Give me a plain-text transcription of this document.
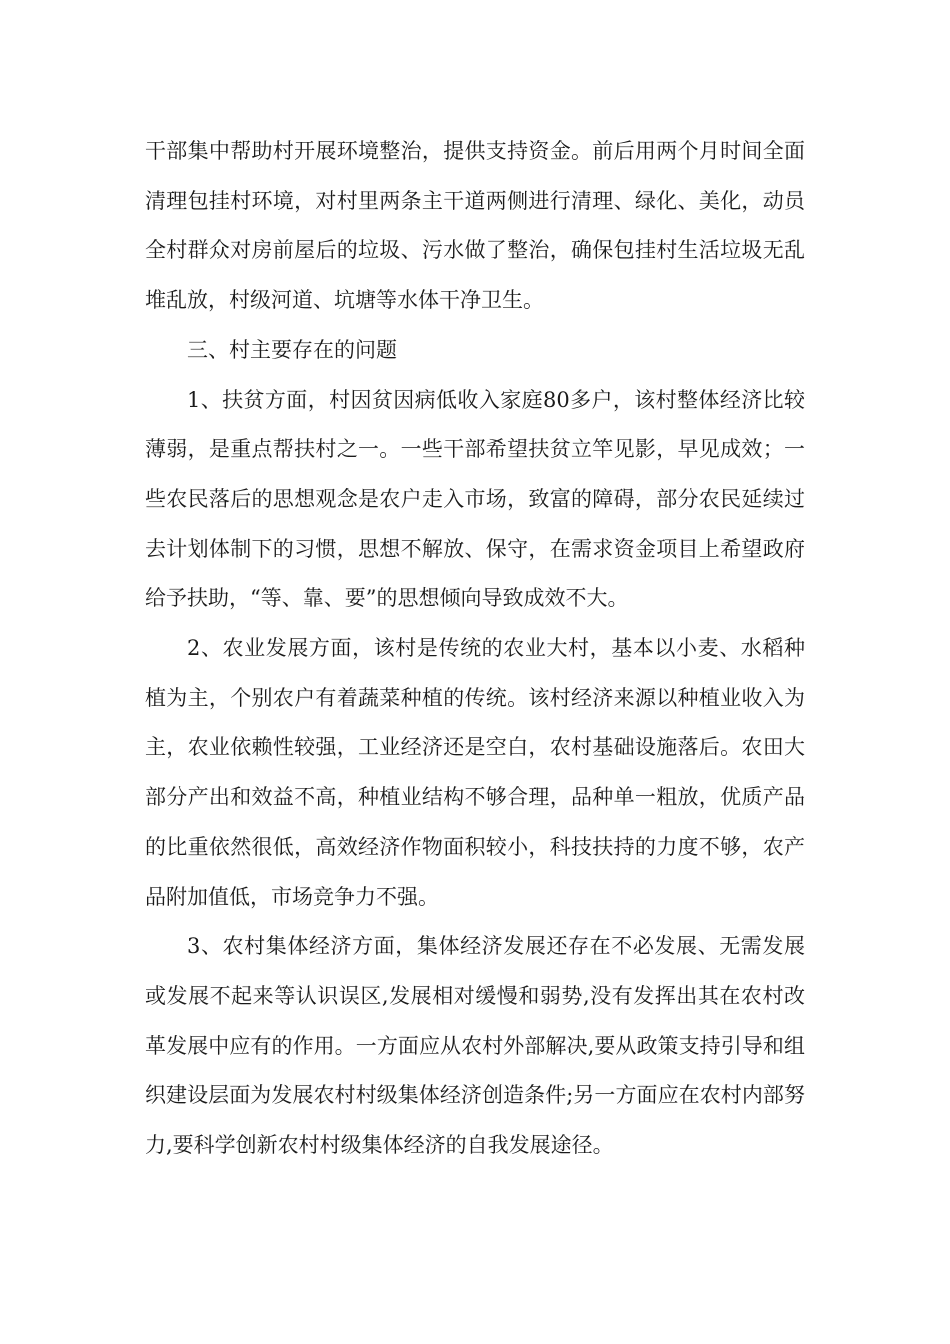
干部集中帮助村开展环境整治，提供支持资金。前后用两个月时间全面清理包挂村环境，对村里两条主干道两侧进行清理、绿化、美化，动员全村群众对房前屋后的垃圾、污水做了整治，确保包挂村生活垃圾无乱堆乱放，村级河道、坑塘等水体干净卫生。

三、村主要存在的问题

1、扶贫方面，村因贫因病低收入家庭80多户，该村整体经济比较薄弱，是重点帮扶村之一。一些干部希望扶贫立竿见影，早见成效；一些农民落后的思想观念是农户走入市场，致富的障碍，部分农民延续过去计划体制下的习惯，思想不解放、保守，在需求资金项目上希望政府给予扶助，“等、靠、要”的思想倾向导致成效不大。

2、农业发展方面，该村是传统的农业大村，基本以小麦、水稻种植为主，个别农户有着蔬菜种植的传统。该村经济来源以种植业收入为主，农业依赖性较强，工业经济还是空白，农村基础设施落后。农田大部分产出和效益不高，种植业结构不够合理，品种单一粗放，优质产品的比重依然很低，高效经济作物面积较小，科技扶持的力度不够，农产品附加值低，市场竞争力不强。

3、农村集体经济方面，集体经济发展还存在不必发展、无需发展或发展不起来等认识误区,发展相对缓慢和弱势,没有发挥出其在农村改革发展中应有的作用。一方面应从农村外部解决,要从政策支持引导和组织建设层面为发展农村村级集体经济创造条件;另一方面应在农村内部努力,要科学创新农村村级集体经济的自我发展途径。
